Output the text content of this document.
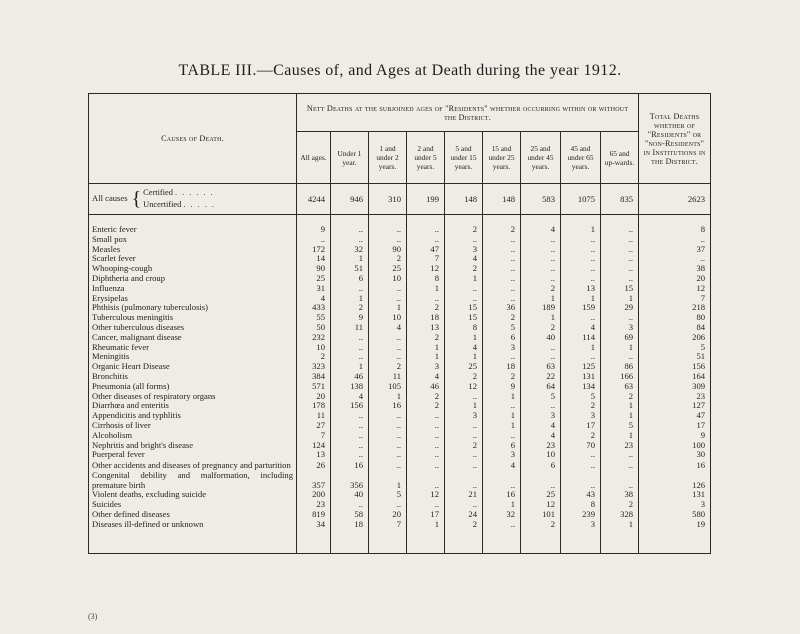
TABLE III.—Causes of, and Ages at Death during the year 1912.
Causes of Death.	Nett Deaths at the subjoined ages of "Residents" whether occurring within or without the District.									Total Deaths whether of "Residents" or "non-Residents" in Institutions in the District.
	All ages.	Under 1 year.	1 and under 2 years.	2 and under 5 years.	5 and under 15 years.	15 and under 25 years.	25 and under 45 years.	45 and under 65 years.	65 and up-wards.	
All causes { Certified ......
Uncertified .....	4244	946	310	199	148	148	583	1075	835	2623

Enteric fever	9	..	..	..	2	2	4	1	..	8
Small pox	..	..	..	..	..	..	..	..	..	..
Measles	172	32	90	47	3	..	..	..	..	37
Scarlet fever	14	1	2	7	4	..	..	..	..	..
Whooping-cough	90	51	25	12	2	..	..	..	..	38
Diphtheria and croup	25	6	10	8	1	..	..	..	..	20
Influenza	31	..	..	1	..	..	2	13	15	12
Erysipelas	4	1	..	..	..	..	1	1	1	7
Phthisis (pulmonary tuberculosis)	433	2	1	2	15	36	189	159	29	218
Tuberculous meningitis	55	9	10	18	15	2	1	..	..	80
Other tuberculous diseases	50	11	4	13	8	5	2	4	3	84
Cancer, malignant disease	232	..	..	2	1	6	40	114	69	206
Rheumatic fever	10	..	..	1	4	3	..	1	1	5
Meningitis	2	..	..	1	1	..	..	..	..	51
Organic Heart Disease	323	1	2	3	25	18	63	125	86	156
Bronchitis	384	46	11	4	2	2	22	131	166	164
Pneumonia (all forms)	571	138	105	46	12	9	64	134	63	309
Other diseases of respiratory organs	20	4	1	2	..	1	5	5	2	23
Diarrhœa and enteritis	178	156	16	2	1	..	..	2	1	127
Appendicitis and typhlitis	11	..	..	..	3	1	3	3	1	47
Cirrhosis of liver	27	..	..	..	..	1	4	17	5	17
Alcoholism	7	..	..	..	..	..	4	2	1	9
Nephritis and bright's disease	124	..	..	..	2	6	23	70	23	100
Puerperal fever	13	..	..	..	..	3	10	..	..	30
Other accidents and diseases of pregnancy and parturition	26	16	..	..	..	4	6	..	..	16
Congenital debility and malformation, including premature birth	357	356	1	..	..	..	..	..	..	126
Violent deaths, excluding suicide	200	40	5	12	21	16	25	43	38	131
Suicides	23	..	..	..	..	1	12	8	2	3
Other defined diseases	819	58	20	17	24	32	101	239	328	580
Diseases ill-defined or unknown	34	18	7	1	2	..	2	3	1	19

(3)
